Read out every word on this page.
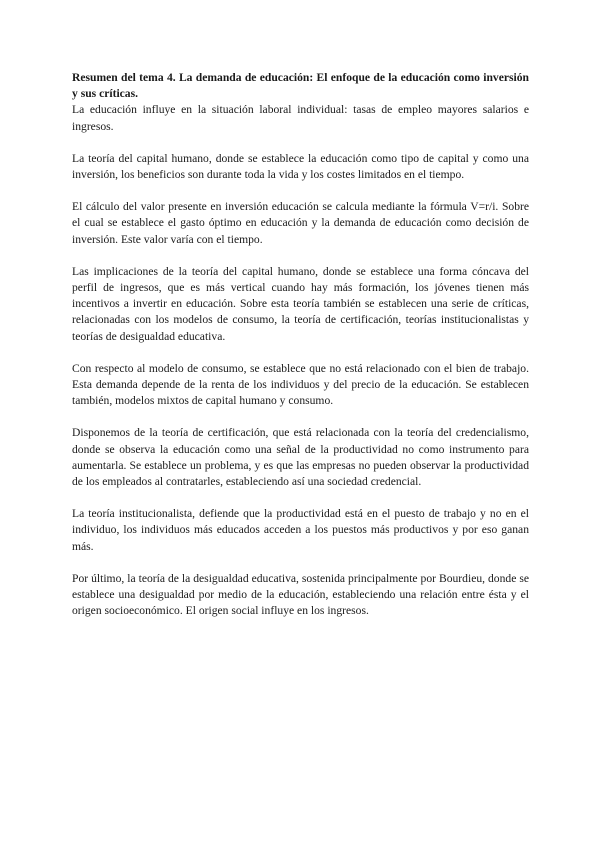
Resumen del tema 4. La demanda de educación: El enfoque de la educación como inversión y sus críticas.

La educación influye en la situación laboral individual: tasas de empleo mayores salarios e ingresos.

La teoría del capital humano, donde se establece la educación como tipo de capital y como una inversión, los beneficios son durante toda la vida y los costes limitados en el tiempo.

El cálculo del valor presente en inversión educación se calcula mediante la fórmula V=r/i. Sobre el cual se establece el gasto óptimo en educación y la demanda de educación como decisión de inversión. Este valor varía con el tiempo.

Las implicaciones de la teoría del capital humano, donde se establece una forma cóncava del perfil de ingresos, que es más vertical cuando hay más formación, los jóvenes tienen más incentivos a invertir en educación. Sobre esta teoría también se establecen una serie de críticas, relacionadas con los modelos de consumo, la teoría de certificación, teorías institucionalistas y teorías de desigualdad educativa.

Con respecto al modelo de consumo, se establece que no está relacionado con el bien de trabajo. Esta demanda depende de la renta de los individuos y del precio de la educación. Se establecen también, modelos mixtos de capital humano y consumo.

Disponemos de la teoría de certificación, que está relacionada con la teoría del credencialismo, donde se observa la educación como una señal de la productividad no como instrumento para aumentarla. Se establece un problema, y es que las empresas no pueden observar la productividad de los empleados al contratarles, estableciendo así una sociedad credencial.

La teoría institucionalista, defiende que la productividad está en el puesto de trabajo y no en el individuo, los individuos más educados acceden a los puestos más productivos y por eso ganan más.

Por último, la teoría de la desigualdad educativa, sostenida principalmente por Bourdieu, donde se establece una desigualdad por medio de la educación, estableciendo una relación entre ésta y el origen socioeconómico. El origen social influye en los ingresos.
